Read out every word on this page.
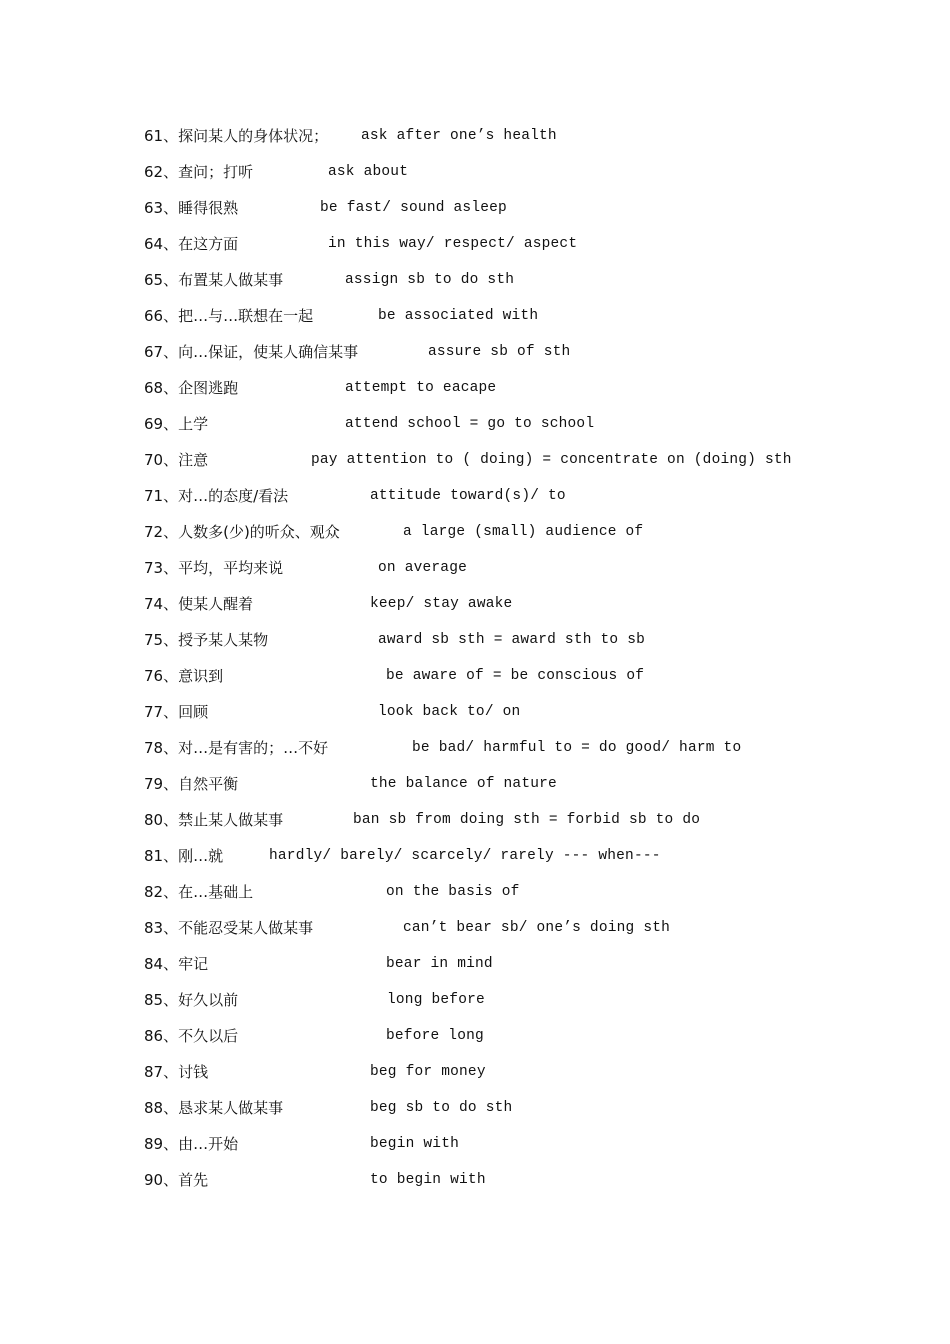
61、探问某人的身体状况； ask after one’s health
62、查问；打听	ask about
63、睡得很熟	be fast/ sound asleep
64、在这方面	in this way/ respect/ aspect
65、布置某人做某事	assign sb to do sth
66、把…与…联想在一起	be associated with
67、向…保证，使某人确信某事	assure sb of sth
68、企图逃跑	attempt to eacape
69、上学	attend school = go to school
70、注意	pay attention to ( doing) = concentrate on (doing) sth
71、对…的态度/看法	attitude toward(s)/ to
72、人数多(少)的听众、观众	a large (small) audience of
73、平均，平均来说	on average
74、使某人醒着	keep/ stay awake
75、授予某人某物	award sb sth = award sth to sb
76、意识到	be aware of = be conscious of
77、回顾	look back to/ on
78、对…是有害的；…不好	be bad/ harmful to = do good/ harm to
79、自然平衡	the balance of nature
80、禁止某人做某事	ban sb from doing sth = forbid sb to do
81、刚…就	hardly/ barely/ scarcely/ rarely --- when---
82、在…基础上	on the basis of
83、不能忍受某人做某事	can’t bear sb/ one’s doing sth
84、牢记	bear in mind
85、好久以前	long before
86、不久以后	before long
87、讨钱	beg for money
88、恳求某人做某事	beg sb to do sth
89、由…开始	begin with
90、首先	to begin with
